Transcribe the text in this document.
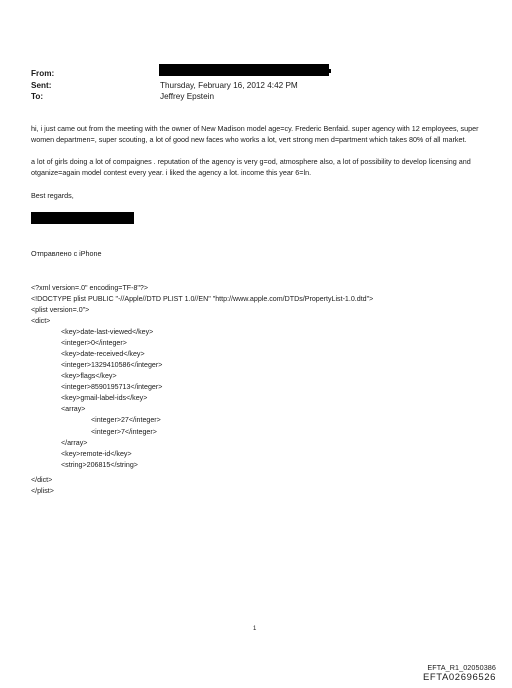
From:
Sent:	Thursday, February 16, 2012 4:42 PM
To:	Jeffrey Epstein
hi, i just came out from the meeting with the owner of New Madison model age=cy. Frederic Benfaid. super agency with 12 employees, super women departmen=, super scouting, a lot of good new faces who works a lot, vert strong men d=partment which takes 80% of all market.
a lot of girls doing a lot of compaignes . reputation of the agency is very g=od, atmosphere also, a lot of possibility to develop licensing and otganize=again model contest every year. i liked the agency a lot. income this year 6=ln.
Best regards,
Отправлено с iPhone
<?xml version=.0" encoding=TF-8"?>
<!DOCTYPE plist PUBLIC "-//Apple//DTD PLIST 1.0//EN" "http://www.apple.com/DTDs/PropertyList-1.0.dtd">
<plist version=.0">
<dict>
<key>date-last-viewed</key>
<integer>0</integer>
<key>date-received</key>
<integer>1329410586</integer>
<key>flags</key>
<integer>8590195713</integer>
<key>gmail-label-ids</key>
<array>
<integer>27</integer>
<integer>7</integer>
</array>
<key>remote-id</key>
<string>206815</string>
</dict>
</plist>
1
EFTA_R1_02050386
EFTA02696526
